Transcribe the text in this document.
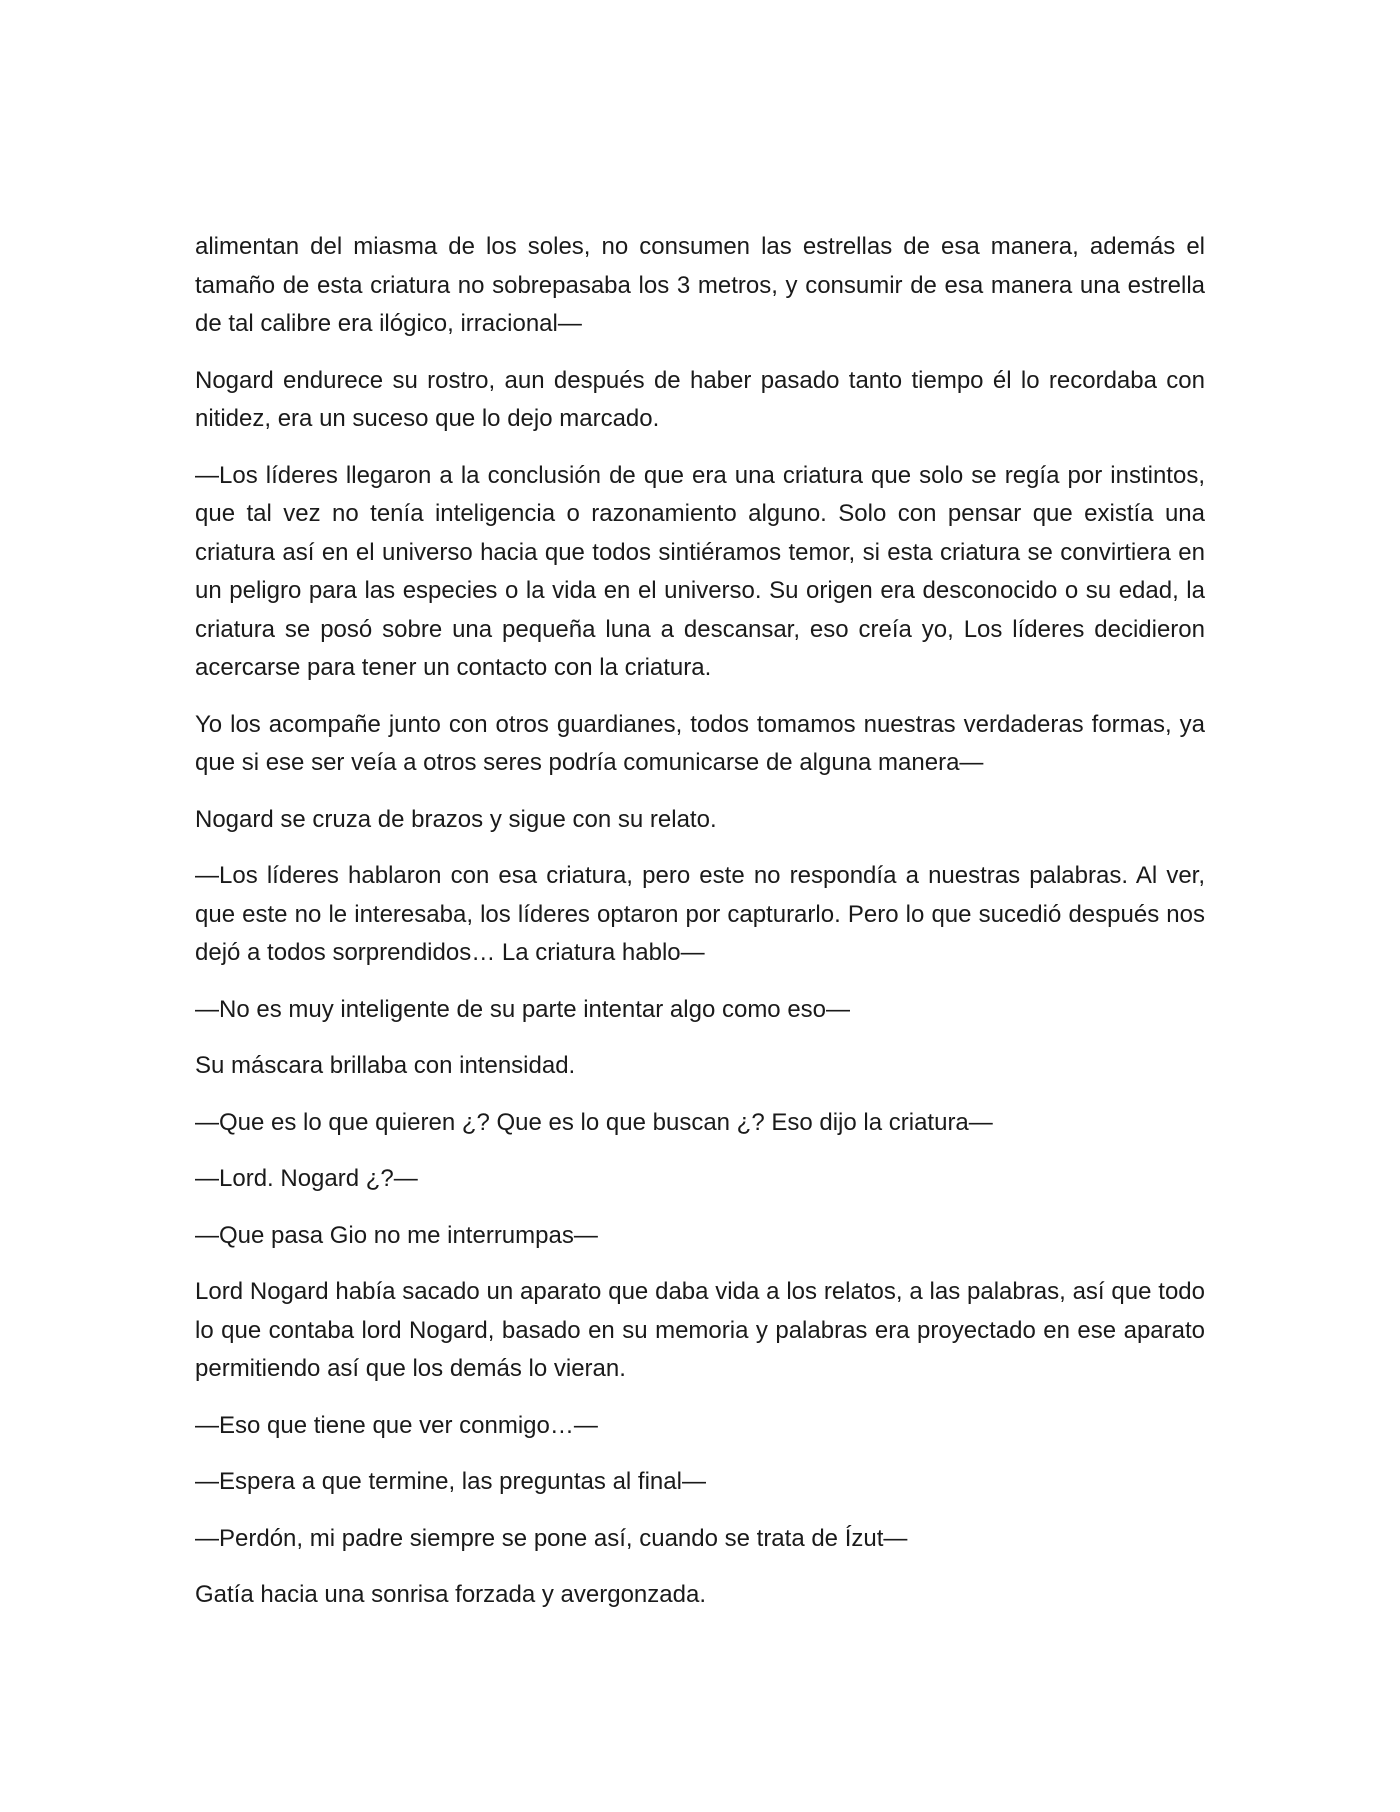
alimentan del miasma de los soles, no consumen las estrellas de esa manera, además el tamaño de esta criatura no sobrepasaba los 3 metros, y consumir de esa manera una estrella de tal calibre era ilógico, irracional—

Nogard endurece su rostro, aun después de haber pasado tanto tiempo él lo recordaba con nitidez, era un suceso que lo dejo marcado.

—Los líderes llegaron a la conclusión de que era una criatura que solo se regía por instintos, que tal vez no tenía inteligencia o razonamiento alguno. Solo con pensar que existía una criatura así en el universo hacia que todos sintiéramos temor, si esta criatura se convirtiera en un peligro para las especies o la vida en el universo. Su origen era desconocido o su edad, la criatura se posó sobre una pequeña luna a descansar, eso creía yo, Los líderes decidieron acercarse para tener un contacto con la criatura.

Yo los acompañe junto con otros guardianes, todos tomamos nuestras verdaderas formas, ya que si ese ser veía a otros seres podría comunicarse de alguna manera—

Nogard se cruza de brazos y sigue con su relato.

—Los líderes hablaron con esa criatura, pero este no respondía a nuestras palabras. Al ver, que este no le interesaba, los líderes optaron por capturarlo. Pero lo que sucedió después nos dejó a todos sorprendidos… La criatura hablo—

—No es muy inteligente de su parte intentar algo como eso—

Su máscara brillaba con intensidad.

—Que es lo que quieren ¿? Que es lo que buscan ¿? Eso dijo la criatura—

—Lord. Nogard ¿?—

—Que pasa Gio no me interrumpas—

Lord Nogard había sacado un aparato que daba vida a los relatos, a las palabras, así que todo lo que contaba lord Nogard, basado en su memoria y palabras era proyectado en ese aparato permitiendo así que los demás lo vieran.

—Eso que tiene que ver conmigo…—

—Espera a que termine, las preguntas al final—

—Perdón, mi padre siempre se pone así, cuando se trata de Ízut—

Gatía hacia una sonrisa forzada y avergonzada.
